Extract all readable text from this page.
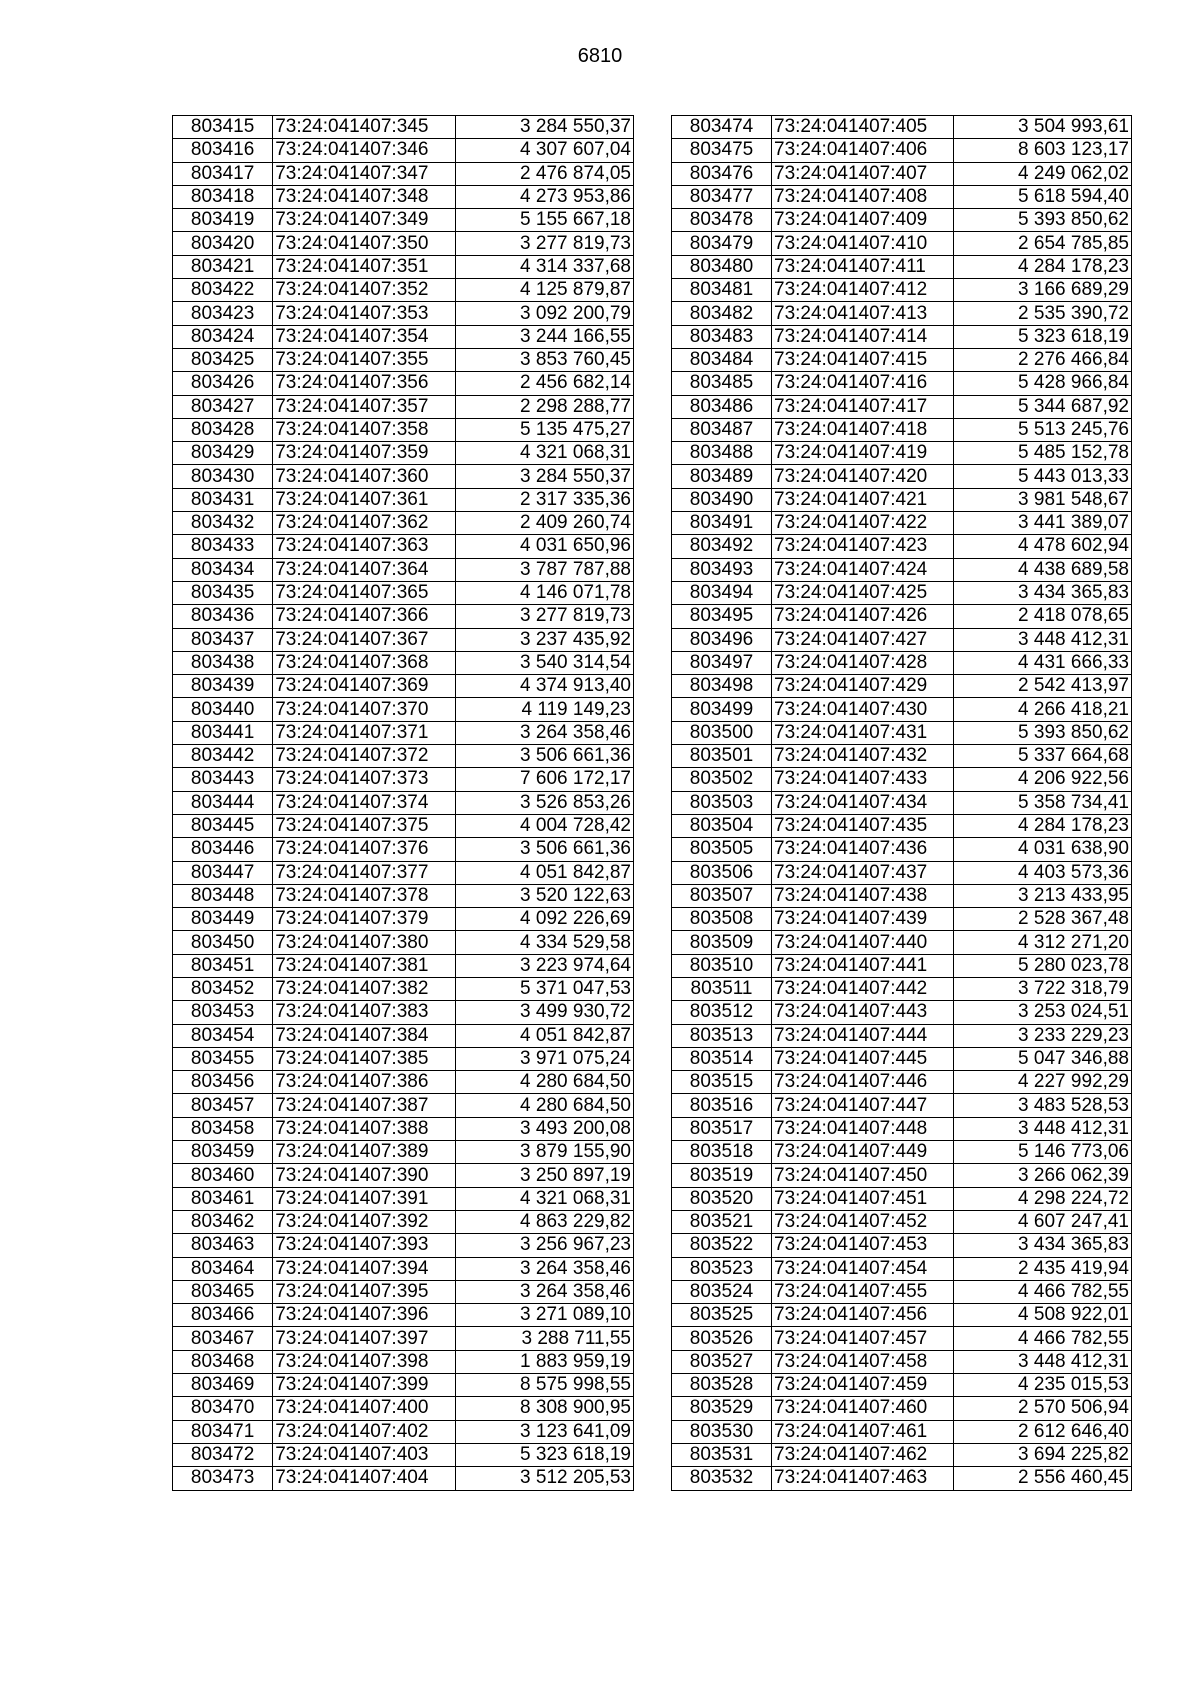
6810
803415	73:24:041407:345	3 284 550,37
803416	73:24:041407:346	4 307 607,04
803417	73:24:041407:347	2 476 874,05
803418	73:24:041407:348	4 273 953,86
803419	73:24:041407:349	5 155 667,18
803420	73:24:041407:350	3 277 819,73
803421	73:24:041407:351	4 314 337,68
803422	73:24:041407:352	4 125 879,87
803423	73:24:041407:353	3 092 200,79
803424	73:24:041407:354	3 244 166,55
803425	73:24:041407:355	3 853 760,45
803426	73:24:041407:356	2 456 682,14
803427	73:24:041407:357	2 298 288,77
803428	73:24:041407:358	5 135 475,27
803429	73:24:041407:359	4 321 068,31
803430	73:24:041407:360	3 284 550,37
803431	73:24:041407:361	2 317 335,36
803432	73:24:041407:362	2 409 260,74
803433	73:24:041407:363	4 031 650,96
803434	73:24:041407:364	3 787 787,88
803435	73:24:041407:365	4 146 071,78
803436	73:24:041407:366	3 277 819,73
803437	73:24:041407:367	3 237 435,92
803438	73:24:041407:368	3 540 314,54
803439	73:24:041407:369	4 374 913,40
803440	73:24:041407:370	4 119 149,23
803441	73:24:041407:371	3 264 358,46
803442	73:24:041407:372	3 506 661,36
803443	73:24:041407:373	7 606 172,17
803444	73:24:041407:374	3 526 853,26
803445	73:24:041407:375	4 004 728,42
803446	73:24:041407:376	3 506 661,36
803447	73:24:041407:377	4 051 842,87
803448	73:24:041407:378	3 520 122,63
803449	73:24:041407:379	4 092 226,69
803450	73:24:041407:380	4 334 529,58
803451	73:24:041407:381	3 223 974,64
803452	73:24:041407:382	5 371 047,53
803453	73:24:041407:383	3 499 930,72
803454	73:24:041407:384	4 051 842,87
803455	73:24:041407:385	3 971 075,24
803456	73:24:041407:386	4 280 684,50
803457	73:24:041407:387	4 280 684,50
803458	73:24:041407:388	3 493 200,08
803459	73:24:041407:389	3 879 155,90
803460	73:24:041407:390	3 250 897,19
803461	73:24:041407:391	4 321 068,31
803462	73:24:041407:392	4 863 229,82
803463	73:24:041407:393	3 256 967,23
803464	73:24:041407:394	3 264 358,46
803465	73:24:041407:395	3 264 358,46
803466	73:24:041407:396	3 271 089,10
803467	73:24:041407:397	3 288 711,55
803468	73:24:041407:398	1 883 959,19
803469	73:24:041407:399	8 575 998,55
803470	73:24:041407:400	8 308 900,95
803471	73:24:041407:402	3 123 641,09
803472	73:24:041407:403	5 323 618,19
803473	73:24:041407:404	3 512 205,53
803474	73:24:041407:405	3 504 993,61
803475	73:24:041407:406	8 603 123,17
803476	73:24:041407:407	4 249 062,02
803477	73:24:041407:408	5 618 594,40
803478	73:24:041407:409	5 393 850,62
803479	73:24:041407:410	2 654 785,85
803480	73:24:041407:411	4 284 178,23
803481	73:24:041407:412	3 166 689,29
803482	73:24:041407:413	2 535 390,72
803483	73:24:041407:414	5 323 618,19
803484	73:24:041407:415	2 276 466,84
803485	73:24:041407:416	5 428 966,84
803486	73:24:041407:417	5 344 687,92
803487	73:24:041407:418	5 513 245,76
803488	73:24:041407:419	5 485 152,78
803489	73:24:041407:420	5 443 013,33
803490	73:24:041407:421	3 981 548,67
803491	73:24:041407:422	3 441 389,07
803492	73:24:041407:423	4 478 602,94
803493	73:24:041407:424	4 438 689,58
803494	73:24:041407:425	3 434 365,83
803495	73:24:041407:426	2 418 078,65
803496	73:24:041407:427	3 448 412,31
803497	73:24:041407:428	4 431 666,33
803498	73:24:041407:429	2 542 413,97
803499	73:24:041407:430	4 266 418,21
803500	73:24:041407:431	5 393 850,62
803501	73:24:041407:432	5 337 664,68
803502	73:24:041407:433	4 206 922,56
803503	73:24:041407:434	5 358 734,41
803504	73:24:041407:435	4 284 178,23
803505	73:24:041407:436	4 031 638,90
803506	73:24:041407:437	4 403 573,36
803507	73:24:041407:438	3 213 433,95
803508	73:24:041407:439	2 528 367,48
803509	73:24:041407:440	4 312 271,20
803510	73:24:041407:441	5 280 023,78
803511	73:24:041407:442	3 722 318,79
803512	73:24:041407:443	3 253 024,51
803513	73:24:041407:444	3 233 229,23
803514	73:24:041407:445	5 047 346,88
803515	73:24:041407:446	4 227 992,29
803516	73:24:041407:447	3 483 528,53
803517	73:24:041407:448	3 448 412,31
803518	73:24:041407:449	5 146 773,06
803519	73:24:041407:450	3 266 062,39
803520	73:24:041407:451	4 298 224,72
803521	73:24:041407:452	4 607 247,41
803522	73:24:041407:453	3 434 365,83
803523	73:24:041407:454	2 435 419,94
803524	73:24:041407:455	4 466 782,55
803525	73:24:041407:456	4 508 922,01
803526	73:24:041407:457	4 466 782,55
803527	73:24:041407:458	3 448 412,31
803528	73:24:041407:459	4 235 015,53
803529	73:24:041407:460	2 570 506,94
803530	73:24:041407:461	2 612 646,40
803531	73:24:041407:462	3 694 225,82
803532	73:24:041407:463	2 556 460,45
